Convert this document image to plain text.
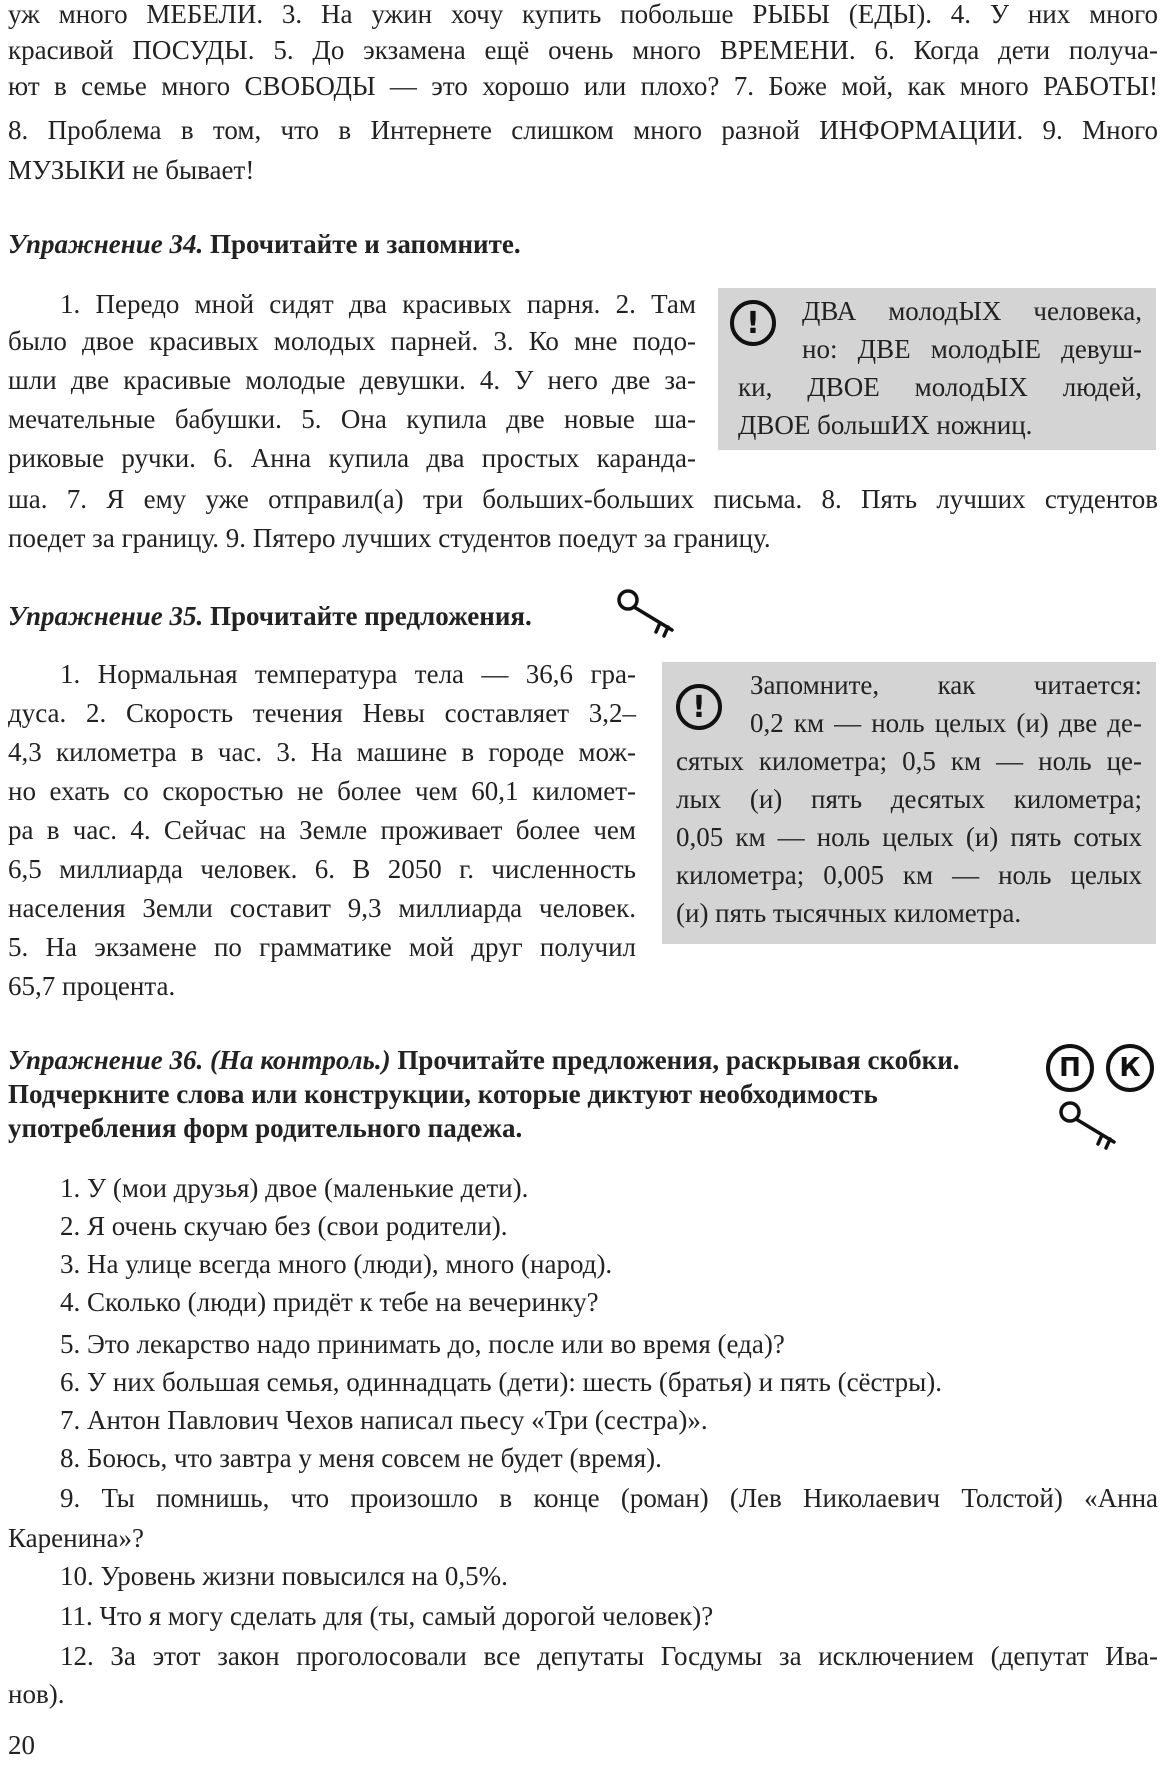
уж много МЕБЕЛИ. 3. На ужин хочу купить побольше РЫБЫ (ЕДЫ). 4. У них много
красивой ПОСУДЫ. 5. До экзамена ещё очень много ВРЕМЕНИ. 6. Когда дети получа-
ют в семье много СВОБОДЫ — это хорошо или плохо? 7. Боже мой, как много РАБОТЫ!
8. Проблема в том, что в Интернете слишком много разной ИНФОРМАЦИИ. 9. Много
МУЗЫКИ не бывает!
Упражнение 34. Прочитайте и запомните.
1. Передо мной сидят два красивых парня. 2. Там
было двое красивых молодых парней. 3. Ко мне подо-
шли две красивые молодые девушки. 4. У него две за-
мечательные бабушки. 5. Она купила две новые ша-
риковые ручки. 6. Анна купила два простых каранда-
ша. 7. Я ему уже отправил(а) три больших-больших письма. 8. Пять лучших студентов
поедет за границу. 9. Пятеро лучших студентов поедут за границу.
ДВА молодЫХ человека,
но: ДВЕ молодЫЕ девуш-
ки, ДВОЕ молодЫХ людей,
ДВОЕ большИХ ножниц.
!
Упражнение 35. Прочитайте предложения.
1. Нормальная температура тела — 36,6 гра-
дуса. 2. Скорость течения Невы составляет 3,2–
4,3 километра в час. 3. На машине в городе мож-
но ехать со скоростью не более чем 60,1 километ-
ра в час. 4. Сейчас на Земле проживает более чем
6,5 миллиарда человек. 6. В 2050 г. численность
населения Земли составит 9,3 миллиарда человек.
5. На экзамене по грамматике мой друг получил
65,7 процента.
Запомните, как читается:
0,2 км — ноль целых (и) две де-
сятых километра; 0,5 км — ноль це-
лых (и) пять десятых километра;
0,05 км — ноль целых (и) пять сотых
километра; 0,005 км — ноль целых
(и) пять тысячных километра.
!
Упражнение 36. (На контроль.) Прочитайте предложения, раскрывая скобки.
Подчеркните слова или конструкции, которые диктуют необходимость
употребления форм родительного падежа.
П	К
1. У (мои друзья) двое (маленькие дети).
2. Я очень скучаю без (свои родители).
3. На улице всегда много (люди), много (народ).
4. Сколько (люди) придёт к тебе на вечеринку?
5. Это лекарство надо принимать до, после или во время (еда)?
6. У них большая семья, одиннадцать (дети): шесть (братья) и пять (сёстры).
7. Антон Павлович Чехов написал пьесу «Три (сестра)».
8. Боюсь, что завтра у меня совсем не будет (время).
9. Ты помнишь, что произошло в конце (роман) (Лев Николаевич Толстой) «Анна
Каренина»?
10. Уровень жизни повысился на 0,5%.
11. Что я могу сделать для (ты, самый дорогой человек)?
12. За этот закон проголосовали все депутаты Госдумы за исключением (депутат Ива-
нов).
20
